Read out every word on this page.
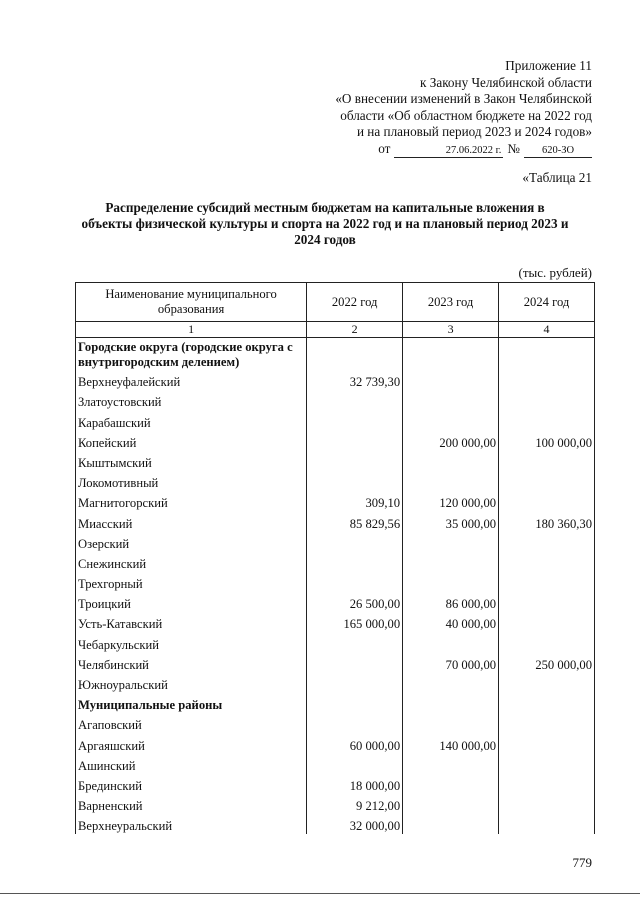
Приложение 11
к Закону Челябинской области
«О внесении изменений в Закон Челябинской
области «Об областном бюджете на 2022 год
и на плановый период 2023 и 2024 годов»
от	27.06.2022 г. №	620-ЗО
«Таблица 21
Распределение субсидий местным бюджетам на капитальные вложения в объекты физической культуры и спорта на 2022 год и на плановый период 2023 и 2024 годов
(тыс. рублей)
Наименование муниципального образования	2022 год	2023 год	2024 год
1	2	3	4
Городские округа (городские округа с внутригородским делением)			
Верхнеуфалейский	32 739,30		
Златоустовский			
Карабашский			
Копейский		200 000,00	100 000,00
Кыштымский			
Локомотивный			
Магнитогорский	309,10	120 000,00	
Миасский	85 829,56	35 000,00	180 360,30
Озерский			
Снежинский			
Трехгорный			
Троицкий	26 500,00	86 000,00	
Усть-Катавский	165 000,00	40 000,00	
Чебаркульский			
Челябинский		70 000,00	250 000,00
Южноуральский			
Муниципальные районы			
Агаповский			
Аргаяшский	60 000,00	140 000,00	
Ашинский			
Брединский	18 000,00		
Варненский	9 212,00		
Верхнеуральский	32 000,00		
779
